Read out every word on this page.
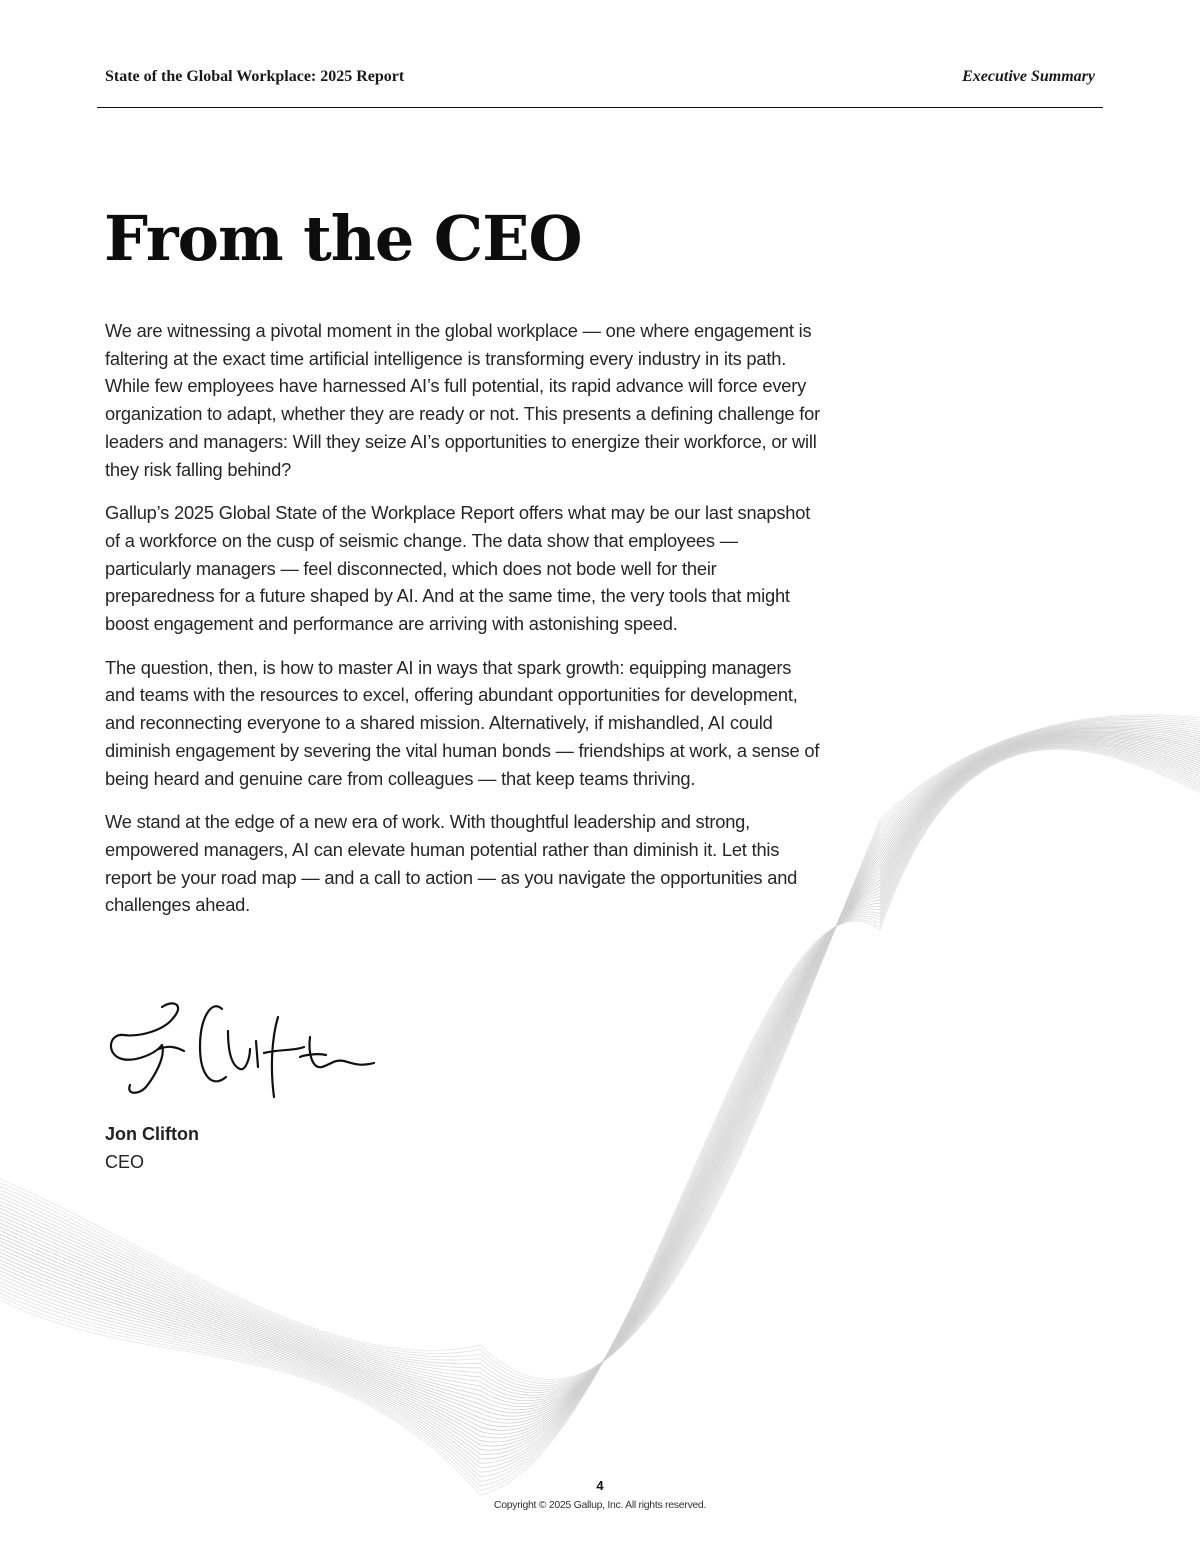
State of the Global Workplace: 2025 Report	Executive Summary
From the CEO

We are witnessing a pivotal moment in the global workplace — one where engagement is faltering at the exact time artificial intelligence is transforming every industry in its path. While few employees have harnessed AI’s full potential, its rapid advance will force every organization to adapt, whether they are ready or not. This presents a defining challenge for leaders and managers: Will they seize AI’s opportunities to energize their workforce, or will they risk falling behind?

Gallup’s 2025 Global State of the Workplace Report offers what may be our last snapshot of a workforce on the cusp of seismic change. The data show that employees — particularly managers — feel disconnected, which does not bode well for their preparedness for a future shaped by AI. And at the same time, the very tools that might boost engagement and performance are arriving with astonishing speed.

The question, then, is how to master AI in ways that spark growth: equipping managers and teams with the resources to excel, offering abundant opportunities for development, and reconnecting everyone to a shared mission. Alternatively, if mishandled, AI could diminish engagement by severing the vital human bonds — friendships at work, a sense of being heard and genuine care from colleagues — that keep teams thriving.

We stand at the edge of a new era of work. With thoughtful leadership and strong, empowered managers, AI can elevate human potential rather than diminish it. Let this report be your road map — and a call to action — as you navigate the opportunities and challenges ahead.

Jon Clifton
CEO
4
Copyright © 2025 Gallup, Inc. All rights reserved.
